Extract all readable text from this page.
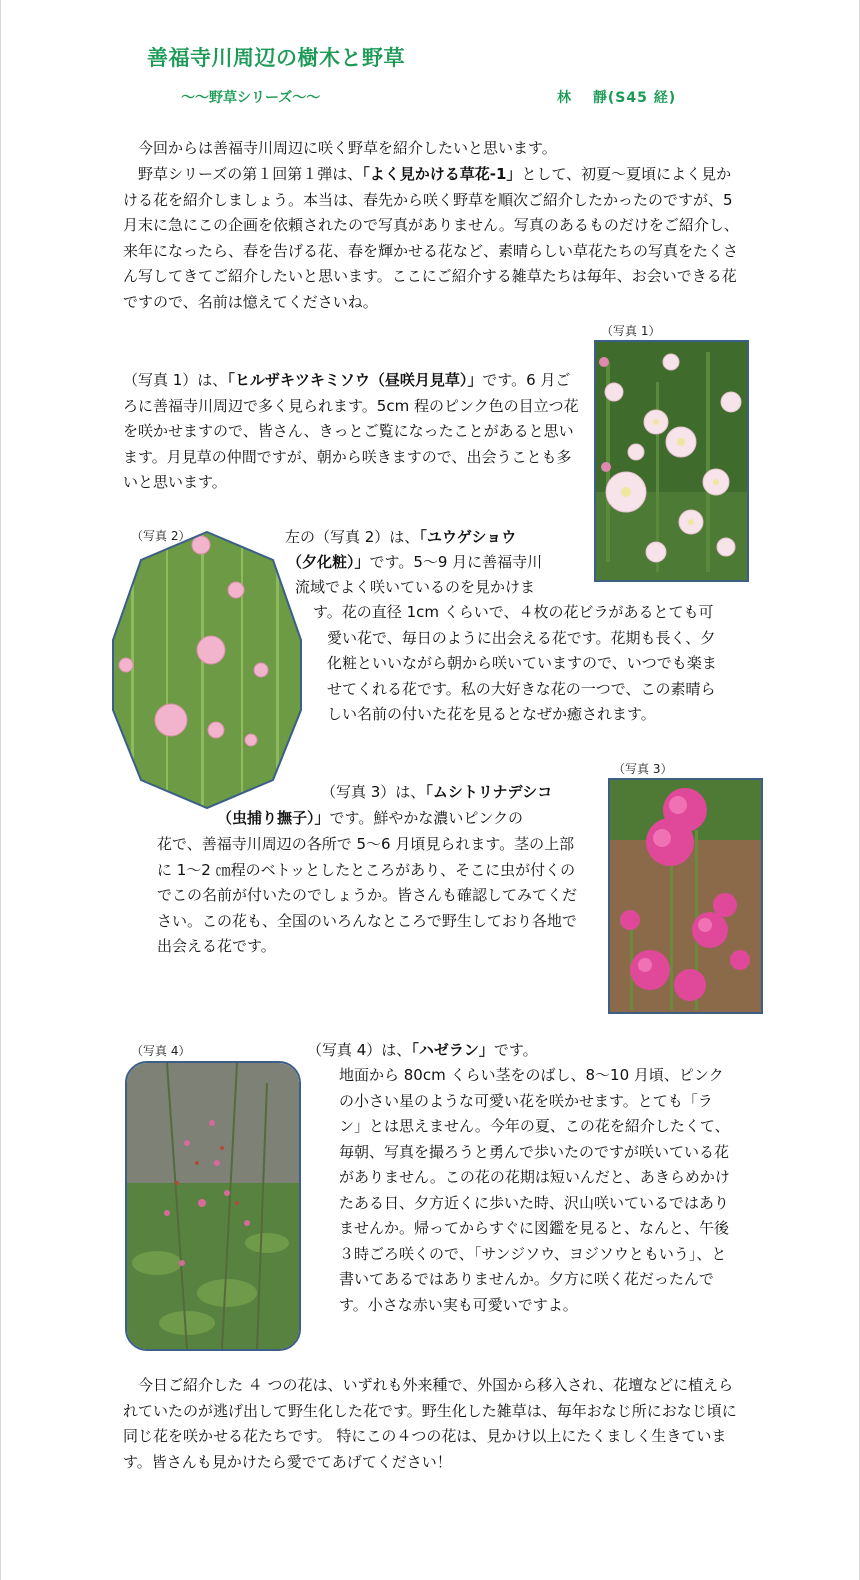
善福寺川周辺の樹木と野草
～～野草シリーズ～～	林　 靜(S45 経)

今回からは善福寺川周辺に咲く野草を紹介したいと思います。

野草シリーズの第１回第１弾は、「よく見かける草花-1」として、初夏～夏頃によく見かける花を紹介しましょう。本当は、春先から咲く野草を順次ご紹介したかったのですが、5 月末に急にこの企画を依頼されたので写真がありません。写真のあるものだけをご紹介し、来年になったら、春を告げる花、春を輝かせる花など、素晴らしい草花たちの写真をたくさん写してきてご紹介したいと思います。ここにご紹介する雑草たちは毎年、お会いできる花ですので、名前は憶えてくださいね。

（写真 1）

（写真 1）は、「ヒルザキツキミソウ（昼咲月見草）」です。6 月ごろに善福寺川周辺で多く見られます。5cm 程のピンク色の目立つ花を咲かせますので、皆さん、きっとご覧になったことがあると思います。月見草の仲間ですが、朝から咲きますので、出会うことも多いと思います。

（写真 2）	左の（写真 2）は、「ユウゲショウ
（夕化粧）」です。5～9 月に善福寺川
流域でよく咲いているのを見かけま

す。花の直径 1cm くらいで、４枚の花ビラがあるとても可愛い花で、毎日のように出会える花です。花期も長く、夕化粧といいながら朝から咲いていますので、いつでも楽ませてくれる花です。私の大好きな花の一つで、この素晴らしい名前の付いた花を見るとなぜか癒されます。

（写真 3）
（写真 3）は、「ムシトリナデシコ
（虫捕り撫子）」です。鮮やかな濃いピンクの

花で、善福寺川周辺の各所で 5～6 月頃見られます。茎の上部に 1～2 ㎝程のベトッとしたところがあり、そこに虫が付くのでこの名前が付いたのでしょうか。皆さんも確認してみてください。この花も、全国のいろんなところで野生しており各地で出会える花です。

（写真 4）	（写真 4）は、「ハゼラン」です。

地面から 80cm くらい茎をのばし、8～10 月頃、ピンクの小さい星のような可愛い花を咲かせます。とても「ラン」とは思えません。今年の夏、この花を紹介したくて、毎朝、写真を撮ろうと勇んで歩いたのですが咲いている花がありません。この花の花期は短いんだと、あきらめかけたある日、夕方近くに歩いた時、沢山咲いているではありませんか。帰ってからすぐに図鑑を見ると、なんと、午後３時ごろ咲くので、「サンジソウ、ヨジソウともいう」、と書いてあるではありませんか。夕方に咲く花だったんです。小さな赤い実も可愛いですよ。

今日ご紹介した ４ つの花は、いずれも外来種で、外国から移入され、花壇などに植えられていたのが逃げ出して野生化した花です。野生化した雑草は、毎年おなじ所におなじ頃に同じ花を咲かせる花たちです。 特にこの４つの花は、見かけ以上にたくましく生きています。皆さんも見かけたら愛でてあげてください！
